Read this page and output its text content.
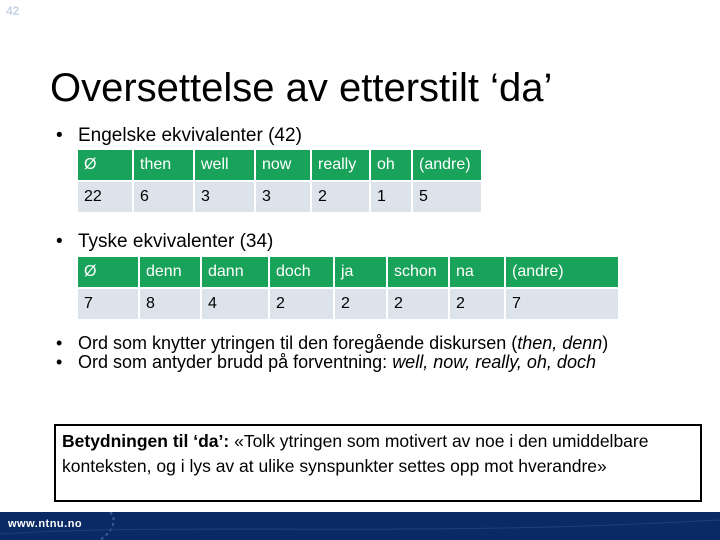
42
Oversettelse av etterstilt ‘da’
• Engelske ekvivalenter (42)
Ø	then	well	now	really	oh	(andre)
22	6	3	3	2	1	5
• Tyske ekvivalenter (34)
Ø	denn	dann	doch	ja	schon	na	(andre)
7	8	4	2	2	2	2	7
• Ord som knytter ytringen til den foregående diskursen (then, denn)
• Ord som antyder brudd på forventning: well, now, really, oh, doch
Betydningen til ‘da’: «Tolk ytringen som motivert av noe i den umiddelbare konteksten, og i lys av at ulike synspunkter settes opp mot hverandre»
www.ntnu.no
